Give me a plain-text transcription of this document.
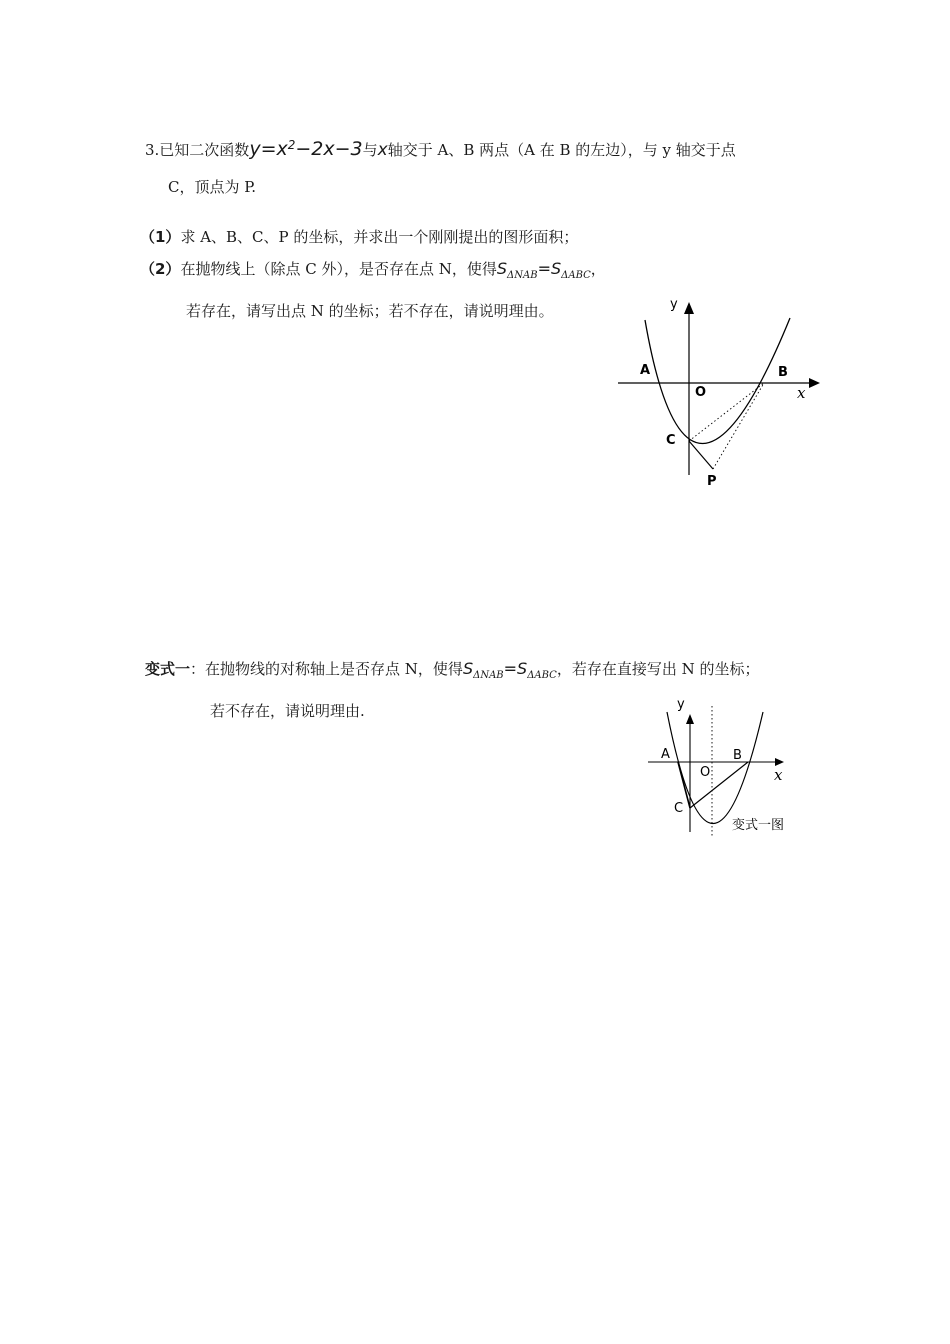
3.已知二次函数$y=x^2-2x-3$与x轴交于 A、B 两点（A 在 B 的左边），与 y 轴交于点
C，顶点为 P.
（1）求 A、B、C、P 的坐标，并求出一个刚刚提出的图形面积；
（2）在抛物线上（除点 C 外），是否存在点 N，使得$S_{\Delta NAB}=S_{\Delta ABC}$，
若存在，请写出点 N 的坐标；若不存在，请说明理由。	y
A	B
O	x
C
P
变式一：在抛物线的对称轴上是否存点 N，使得$S_{\Delta NAB}=S_{\Delta ABC}$，若存在直接写出 N 的坐标；
若不存在，请说明理由.	y
A	B
O	x
C
变式一图
